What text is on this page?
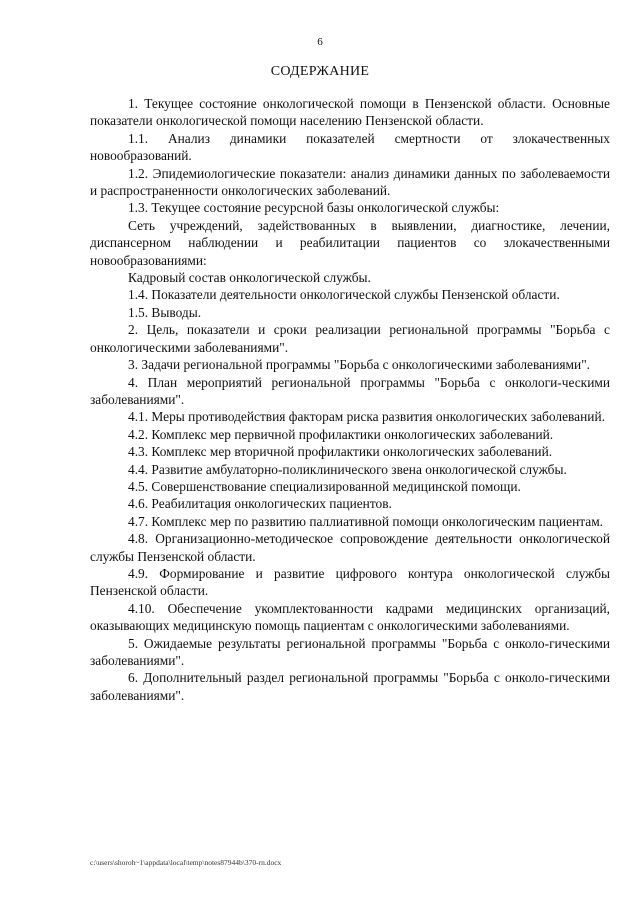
6
СОДЕРЖАНИЕ

1. Текущее состояние онкологической помощи в Пензенской области. Основные показатели онкологической помощи населению Пензенской области.

1.1. Анализ динамики показателей смертности от злокачественных новообразований.

1.2. Эпидемиологические показатели: анализ динамики данных по заболеваемости и распространенности онкологических заболеваний.

1.3. Текущее состояние ресурсной базы онкологической службы:

Сеть учреждений, задействованных в выявлении, диагностике, лечении, диспансерном наблюдении и реабилитации пациентов со злокачественными новообразованиями:

Кадровый состав онкологической службы.

1.4. Показатели деятельности онкологической службы Пензенской области.

1.5. Выводы.

2. Цель, показатели и сроки реализации региональной программы "Борьба с онкологическими заболеваниями".

3. Задачи региональной программы "Борьба с онкологическими заболеваниями".

4. План мероприятий региональной программы "Борьба с онкологи-ческими заболеваниями".

4.1. Меры противодействия факторам риска развития онкологических заболеваний.

4.2. Комплекс мер первичной профилактики онкологических заболеваний.

4.3. Комплекс мер вторичной профилактики онкологических заболеваний.

4.4. Развитие амбулаторно-поликлинического звена онкологической службы.

4.5. Совершенствование специализированной медицинской помощи.

4.6. Реабилитация онкологических пациентов.

4.7. Комплекс мер по развитию паллиативной помощи онкологическим пациентам.

4.8. Организационно-методическое сопровождение деятельности онкологической службы Пензенской области.

4.9. Формирование и развитие цифрового контура онкологической службы Пензенской области.

4.10. Обеспечение укомплектованности кадрами медицинских организаций, оказывающих медицинскую помощь пациентам с онкологическими заболеваниями.

5. Ожидаемые результаты региональной программы "Борьба с онколо-гическими заболеваниями".

6. Дополнительный раздел региональной программы "Борьба с онколо-гическими заболеваниями".

c:\users\shoroh~1\appdata\local\temp\notes87944b\370-rn.docx
